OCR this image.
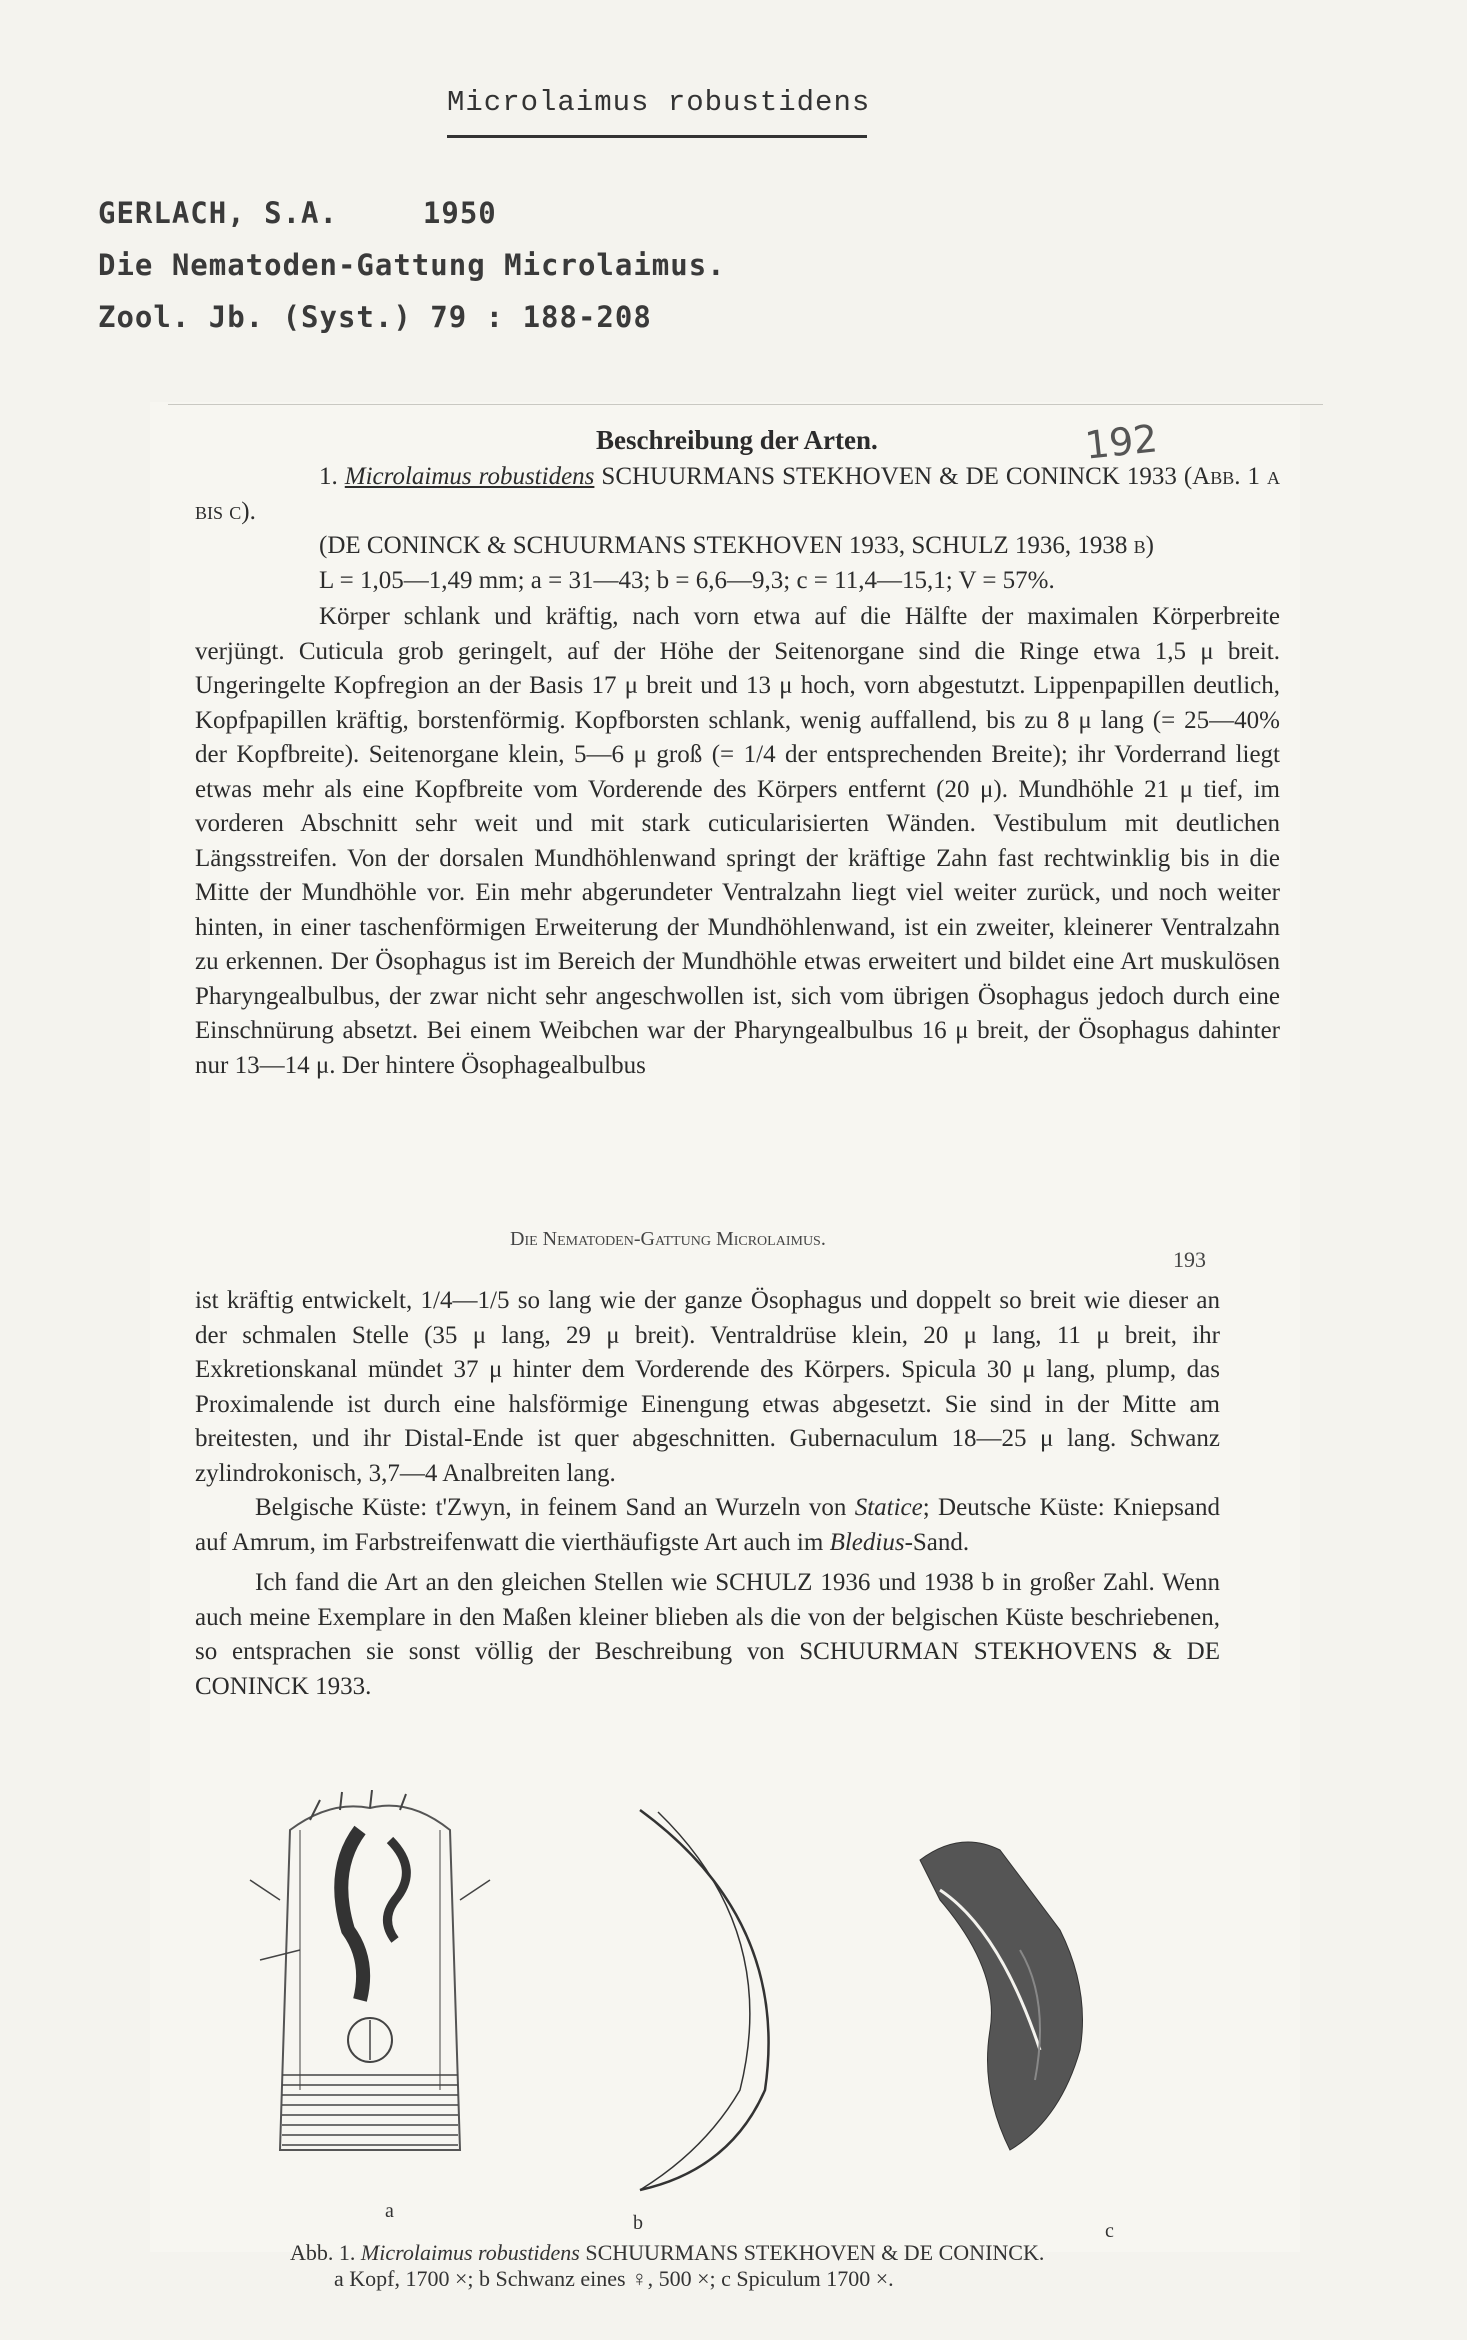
Microlaimus robustidens
GERLACH, S.A.	1950
Die Nematoden-Gattung Microlaimus.
Zool. Jb. (Syst.) 79 : 188-208
Beschreibung der Arten.	192

1. Microlaimus robustidens SCHUURMANS STEKHOVEN & DE CONINCK 1933 (Abb. 1 a bis c).

(DE CONINCK & SCHUURMANS STEKHOVEN 1933, SCHULZ 1936, 1938 b)

L = 1,05—1,49 mm; a = 31—43; b = 6,6—9,3; c = 11,4—15,1; V = 57%.

Körper schlank und kräftig, nach vorn etwa auf die Hälfte der maximalen Körperbreite verjüngt. Cuticula grob geringelt, auf der Höhe der Seitenorgane sind die Ringe etwa 1,5 μ breit. Ungeringelte Kopfregion an der Basis 17 μ breit und 13 μ hoch, vorn abgestutzt. Lippenpapillen deutlich, Kopfpapillen kräftig, borstenförmig. Kopfborsten schlank, wenig auffallend, bis zu 8 μ lang (= 25—40% der Kopfbreite). Seitenorgane klein, 5—6 μ groß (= 1/4 der entsprechenden Breite); ihr Vorderrand liegt etwas mehr als eine Kopfbreite vom Vorderende des Körpers entfernt (20 μ). Mundhöhle 21 μ tief, im vorderen Abschnitt sehr weit und mit stark cuticularisierten Wänden. Vestibulum mit deutlichen Längsstreifen. Von der dorsalen Mundhöhlenwand springt der kräftige Zahn fast rechtwinklig bis in die Mitte der Mundhöhle vor. Ein mehr abgerundeter Ventralzahn liegt viel weiter zurück, und noch weiter hinten, in einer taschenförmigen Erweiterung der Mundhöhlenwand, ist ein zweiter, kleinerer Ventralzahn zu erkennen. Der Ösophagus ist im Bereich der Mundhöhle etwas erweitert und bildet eine Art muskulösen Pharyngealbulbus, der zwar nicht sehr angeschwollen ist, sich vom übrigen Ösophagus jedoch durch eine Einschnürung absetzt. Bei einem Weibchen war der Pharyngealbulbus 16 μ breit, der Ösophagus dahinter nur 13—14 μ. Der hintere Ösophagealbulbus

Die Nematoden-Gattung Microlaimus.
193

ist kräftig entwickelt, 1/4—1/5 so lang wie der ganze Ösophagus und doppelt so breit wie dieser an der schmalen Stelle (35 μ lang, 29 μ breit). Ventraldrüse klein, 20 μ lang, 11 μ breit, ihr Exkretionskanal mündet 37 μ hinter dem Vorderende des Körpers. Spicula 30 μ lang, plump, das Proximalende ist durch eine halsförmige Einengung etwas abgesetzt. Sie sind in der Mitte am breitesten, und ihr Distal-Ende ist quer abgeschnitten. Gubernaculum 18—25 μ lang. Schwanz zylindrokonisch, 3,7—4 Analbreiten lang.

Belgische Küste: t'Zwyn, in feinem Sand an Wurzeln von Statice; Deutsche Küste: Kniepsand auf Amrum, im Farbstreifenwatt die vierthäufigste Art auch im Bledius-Sand.

Ich fand die Art an den gleichen Stellen wie SCHULZ 1936 und 1938 b in großer Zahl. Wenn auch meine Exemplare in den Maßen kleiner blieben als die von der belgischen Küste beschriebenen, so entsprachen sie sonst völlig der Beschreibung von SCHUURMAN STEKHOVENS & DE CONINCK 1933.

a
b	c
Abb. 1. Microlaimus robustidens SCHUURMANS STEKHOVEN & DE CONINCK.
a Kopf, 1700 ×; b Schwanz eines ♀, 500 ×; c Spiculum 1700 ×.
